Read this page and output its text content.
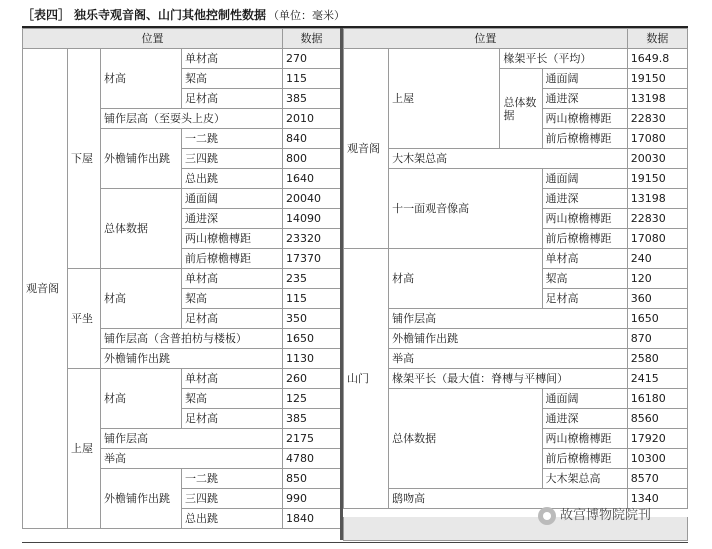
［表四］ 独乐寺观音阁、山门其他控制性数据 （单位：毫米）
位置				数据
观音阁	下屋	材高	单材高	270
			栔高	115
			足材高	385
		铺作层高（至耍头上皮）		2010
		外檐铺作出跳	一二跳	840
			三四跳	800
			总出跳	1640
		总体数据	通面阔	20040
			通进深	14090
			两山橑檐槫距	23320
			前后橑檐槫距	17370
	平坐	材高	单材高	235
			栔高	115
			足材高	350
		铺作层高（含普拍枋与楼板）		1650
		外檐铺作出跳		1130
	上屋	材高	单材高	260
			栔高	125
			足材高	385
		铺作层高		2175
		举高		4780
		外檐铺作出跳	一二跳	850
			三四跳	990
			总出跳	1840
位置				数据
观音阁	上屋	椽架平长（平均）		1649.8
		总体数据	通面阔	19150
			通进深	13198
			两山橑檐槫距	22830
			前后橑檐槫距	17080
	大木架总高			20030
	十一面观音像高		通面阔	19150
			通进深	13198
			两山橑檐槫距	22830
			前后橑檐槫距	17080
山门	材高		单材高	240
			栔高	120
			足材高	360
	铺作层高			1650
	外檐铺作出跳			870
	举高			2580
	椽架平长（最大值：脊槫与平槫间）			2415
	总体数据		通面阔	16180
			通进深	8560
			两山橑檐槫距	17920
			前后橑檐槫距	10300
			大木架总高	8570
	鸱吻高			1340
故宫博物院院刊
